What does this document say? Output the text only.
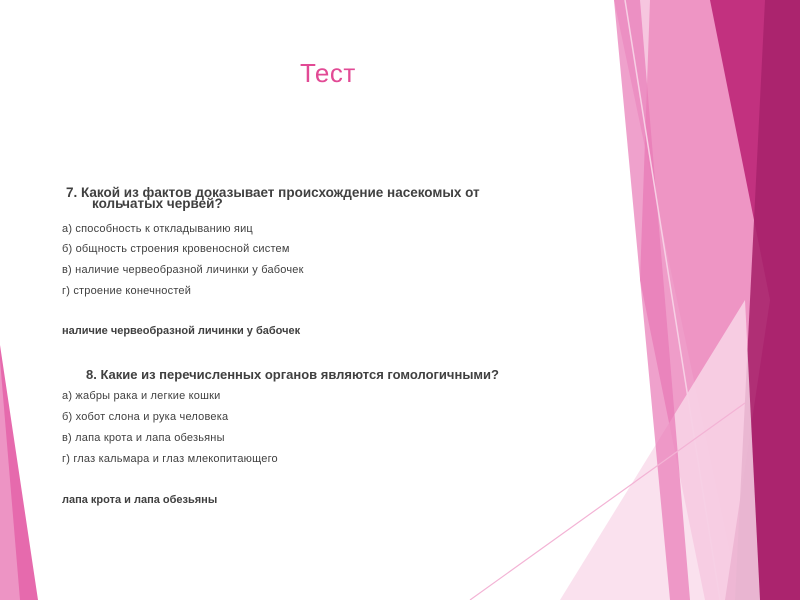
Тест
7. Какой из фактов доказывает происхождение насекомых от
кольчатых червей?
а) способность к откладыванию яиц
б) общность строения кровеносной систем
в) наличие червеобразной личинки у бабочек
г) строение конечностей
наличие червеобразной личинки у бабочек
8. Какие из перечисленных органов являются гомологичными?
а) жабры рака и легкие кошки
б) хобот слона и рука человека
в) лапа крота и лапа обезьяны
г) глаз кальмара и глаз млекопитающего
лапа крота и лапа обезьяны
